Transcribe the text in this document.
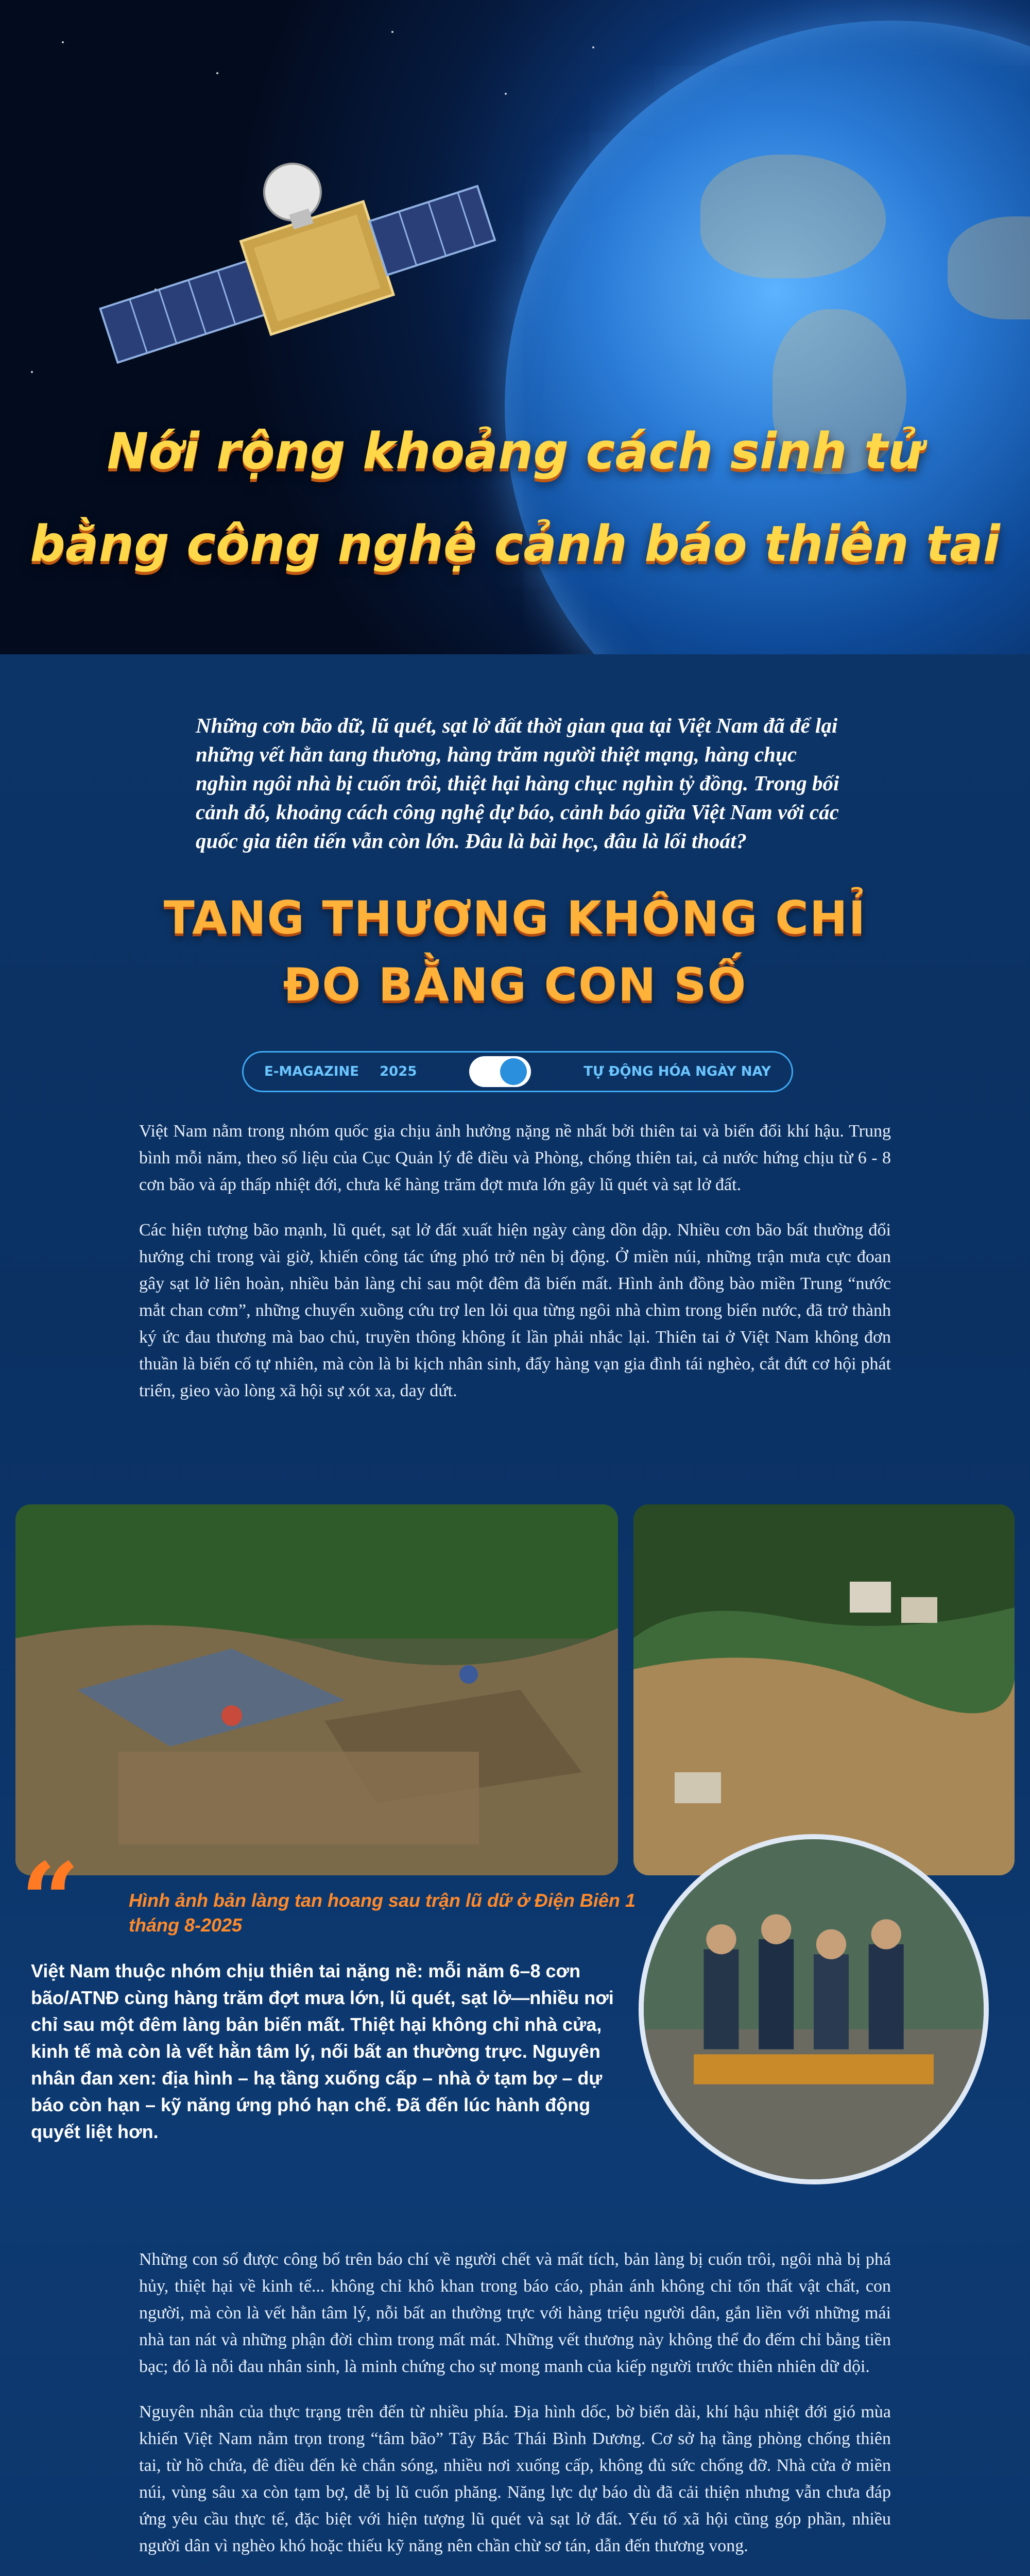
Nới rộng khoảng cách sinh tử
bằng công nghệ cảnh báo thiên tai
Những cơn bão dữ, lũ quét, sạt lở đất thời gian qua tại Việt Nam đã để lại những vết hằn tang thương, hàng trăm người thiệt mạng, hàng chục nghìn ngôi nhà bị cuốn trôi, thiệt hại hàng chục nghìn tỷ đồng. Trong bối cảnh đó, khoảng cách công nghệ dự báo, cảnh báo giữa Việt Nam với các quốc gia tiên tiến vẫn còn lớn. Đâu là bài học, đâu là lối thoát?
TANG THƯƠNG KHÔNG CHỈ
ĐO BẰNG CON SỐ
E-MAGAZINE 2025	TỰ ĐỘNG HÓA NGÀY NAY

Việt Nam nằm trong nhóm quốc gia chịu ảnh hưởng nặng nề nhất bởi thiên tai và biến đổi khí hậu. Trung bình mỗi năm, theo số liệu của Cục Quản lý đê điều và Phòng, chống thiên tai, cả nước hứng chịu từ 6 - 8 cơn bão và áp thấp nhiệt đới, chưa kể hàng trăm đợt mưa lớn gây lũ quét và sạt lở đất.

Các hiện tượng bão mạnh, lũ quét, sạt lở đất xuất hiện ngày càng dồn dập. Nhiều cơn bão bất thường đổi hướng chỉ trong vài giờ, khiến công tác ứng phó trở nên bị động. Ở miền núi, những trận mưa cực đoan gây sạt lở liên hoàn, nhiều bản làng chỉ sau một đêm đã biến mất. Hình ảnh đồng bào miền Trung “nước mắt chan cơm”, những chuyến xuồng cứu trợ len lỏi qua từng ngôi nhà chìm trong biển nước, đã trở thành ký ức đau thương mà bao chủ, truyền thông không ít lần phải nhắc lại. Thiên tai ở Việt Nam không đơn thuần là biến cố tự nhiên, mà còn là bi kịch nhân sinh, đẩy hàng vạn gia đình tái nghèo, cắt đứt cơ hội phát triển, gieo vào lòng xã hội sự xót xa, day dứt.

“	Hình ảnh bản làng tan hoang sau trận lũ dữ ở Điện Biên 1 tháng 8-2025
Việt Nam thuộc nhóm chịu thiên tai nặng nề: mỗi năm 6–8 cơn bão/ATNĐ cùng hàng trăm đợt mưa lớn, lũ quét, sạt lở—nhiều nơi chỉ sau một đêm làng bản biến mất. Thiệt hại không chỉ nhà cửa, kinh tế mà còn là vết hằn tâm lý, nối bất an thường trực. Nguyên nhân đan xen: địa hình – hạ tầng xuống cấp – nhà ở tạm bợ – dự báo còn hạn – kỹ năng ứng phó hạn chế. Đã đến lúc hành động quyết liệt hơn.

Những con số được công bố trên báo chí về người chết và mất tích, bản làng bị cuốn trôi, ngôi nhà bị phá hủy, thiệt hại về kinh tế... không chỉ khô khan trong báo cáo, phản ánh không chỉ tổn thất vật chất, con người, mà còn là vết hằn tâm lý, nỗi bất an thường trực với hàng triệu người dân, gắn liền với những mái nhà tan nát và những phận đời chìm trong mất mát. Những vết thương này không thể đo đếm chỉ bằng tiền bạc; đó là nỗi đau nhân sinh, là minh chứng cho sự mong manh của kiếp người trước thiên nhiên dữ dội.

Nguyên nhân của thực trạng trên đến từ nhiều phía. Địa hình dốc, bờ biển dài, khí hậu nhiệt đới gió mùa khiến Việt Nam nằm trọn trong “tâm bão” Tây Bắc Thái Bình Dương. Cơ sở hạ tầng phòng chống thiên tai, từ hồ chứa, đê điều đến kè chắn sóng, nhiều nơi xuống cấp, không đủ sức chống đỡ. Nhà cửa ở miền núi, vùng sâu xa còn tạm bợ, dễ bị lũ cuốn phăng. Năng lực dự báo dù đã cải thiện nhưng vẫn chưa đáp ứng yêu cầu thực tế, đặc biệt với hiện tượng lũ quét và sạt lở đất. Yếu tố xã hội cũng góp phần, nhiều người dân vì nghèo khó hoặc thiếu kỹ năng nên chần chừ sơ tán, dẫn đến thương vong.
